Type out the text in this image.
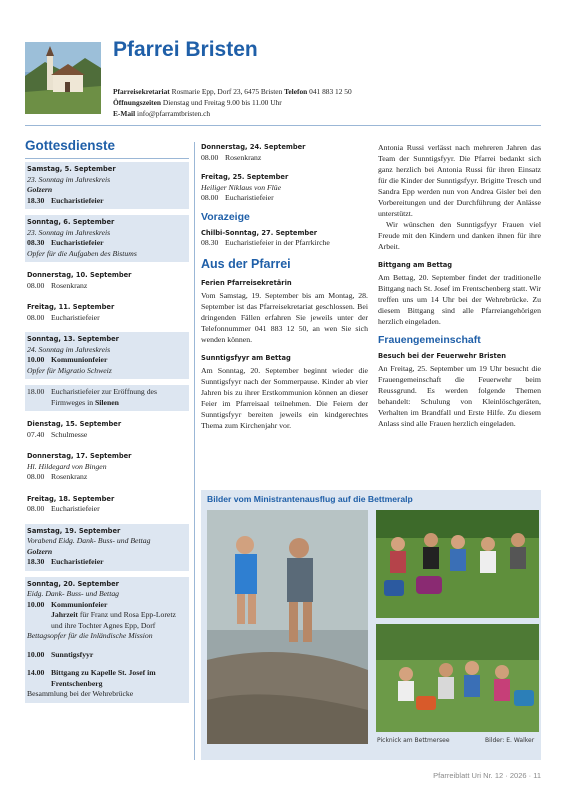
Pfarrei Bristen
Pfarreisekretariat Rosmarie Epp, Dorf 23, 6475 Bristen Telefon 041 883 12 50
Öffnungszeiten Dienstag und Freitag 9.00 bis 11.00 Uhr
E-Mail info@pfarramtbristen.ch
Gottesdienste
Samstag, 5. September
23. Sonntag im Jahreskreis
Golzern
18.30 Eucharistiefeier
Sonntag, 6. September
23. Sonntag im Jahreskreis
08.30 Eucharistiefeier
Opfer für die Aufgaben des Bistums
Donnerstag, 10. September
08.00 Rosenkranz
Freitag, 11. September
08.00 Eucharistiefeier
Sonntag, 13. September
24. Sonntag im Jahreskreis
10.00 Kommunionfeier
Opfer für Migratio Schweiz
18.00 Eucharistiefeier zur Eröffnung des Firmweges in Silenen
Dienstag, 15. September
07.40 Schulmesse
Donnerstag, 17. September
Hl. Hildegard von Bingen
08.00 Rosenkranz
Freitag, 18. September
08.00 Eucharistiefeier
Samstag, 19. September
Vorabend Eidg. Dank- Buss- und Bettag
Golzern
18.30 Eucharistiefeier
Sonntag, 20. September
Eidg. Dank- Buss- und Bettag
10.00 Kommunionfeier
Jahrzeit für Franz und Rosa Epp-Loretz und ihre Tochter Agnes Epp, Dorf
Bettagsopfer für die Inländische Mission
10.00 Sunntigsfyyr
14.00 Bittgang zu Kapelle St. Josef im Frentschenberg
Besammlung bei der Wehrebrücke
Donnerstag, 24. September
08.00 Rosenkranz
Freitag, 25. September
Heiliger Niklaus von Flüe
08.00 Eucharistiefeier
Vorazeige
Chilbi-Sonntag, 27. September
08.30 Eucharistiefeier in der Pfarrkirche
Aus der Pfarrei
Ferien Pfarreisekretärin

Vom Samstag, 19. September bis am Montag, 28. September ist das Pfarreisekretariat geschlossen. Bei dringenden Fällen erfahren Sie jeweils unter der Telefonnummer 041 883 12 50, an wen Sie sich wenden können.

Sunntigsfyyr am Bettag

Am Sonntag, 20. September beginnt wieder die Sunntigsfyyr nach der Sommerpause. Kinder ab vier Jahren bis zu ihrer Erstkommunion können an dieser Feier im Pfarreisaal teilnehmen. Die Feiern der Sunntigsfyyr bereiten jeweils ein kindgerechtes Thema zum Kirchenjahr vor.

Antonia Russi verlässt nach mehreren Jahren das Team der Sunntigsfyyr. Die Pfarrei bedankt sich ganz herzlich bei Antonia Russi für ihren Einsatz für die Kinder der Sunntigsfyyr. Brigitte Tresch und Sandra Epp werden nun von Andrea Gisler bei den Vorbereitungen und der Durchführung der Anlässe unterstützt.

Wir wünschen den Sunntigsfyyr Frauen viel Freude mit den Kindern und danken ihnen für ihre Arbeit.

Bittgang am Bettag

Am Bettag, 20. September findet der traditionelle Bittgang nach St. Josef im Frentschenberg statt. Wir treffen uns um 14 Uhr bei der Wehrebrücke. Zu diesem Bittgang sind alle Pfarreiangehörigen herzlich eingeladen.

Frauengemeinschaft
Besuch bei der Feuerwehr Bristen

An Freitag, 25. September um 19 Uhr besucht die Frauengemeinschaft die Feuerwehr beim Reussgrund. Es werden folgende Themen behandelt: Schulung von Kleinlöschgeräten, Verhalten im Brandfall und Erste Hilfe. Zu diesem Anlass sind alle Frauen herzlich eingeladen.

Bilder vom Ministrantenausflug auf die Bettmeralp
Picknick am Bettmersee	Bilder: E. Walker
Pfarreiblatt Uri Nr. 12 · 2026 · 11
